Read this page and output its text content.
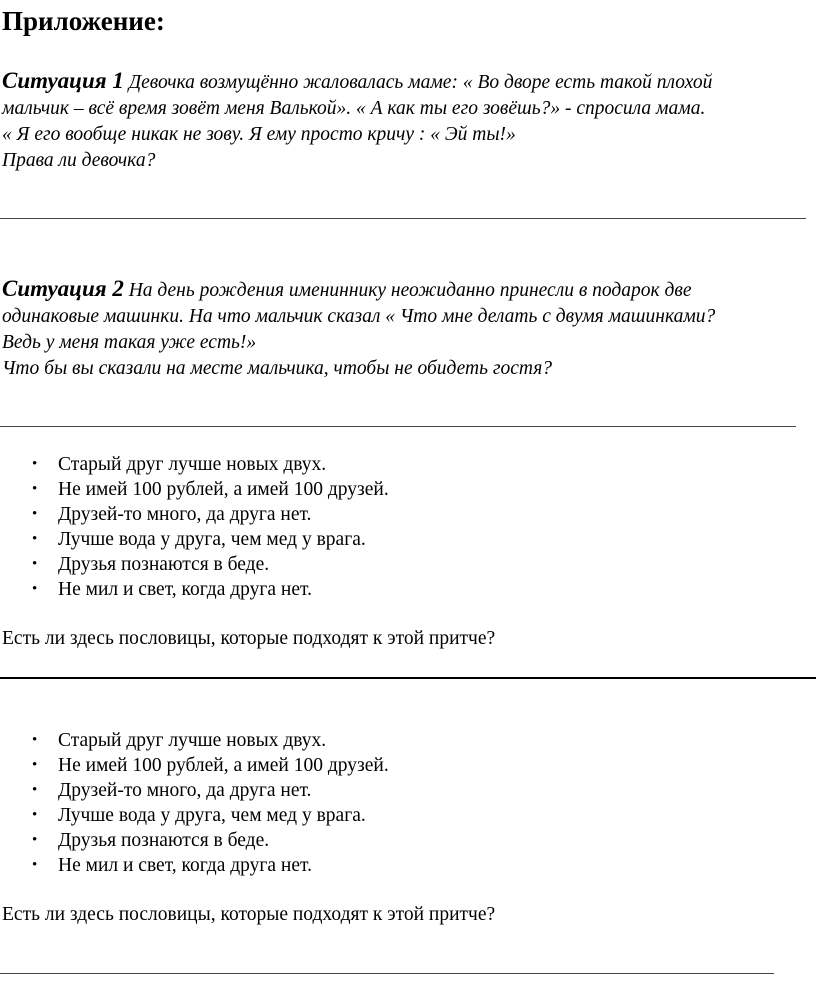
Приложение:
Ситуация 1 Девочка возмущённо жаловалась маме: « Во дворе есть такой плохой
мальчик – всё время зовёт меня Валькой». « А как ты его зовёшь?» - спросила мама.
« Я его вообще никак не зову. Я ему просто кричу : « Эй ты!»
Права ли девочка?
Ситуация 2 На день рождения имениннику неожиданно принесли в подарок две
одинаковые машинки. На что мальчик сказал « Что мне делать с двумя машинками?
Ведь у меня такая уже есть!»
Что бы вы сказали на месте мальчика, чтобы не обидеть гостя?
• Старый друг лучше новых двух.
• Не имей 100 рублей, а имей 100 друзей.
• Друзей-то много, да друга нет.
• Лучше вода у друга, чем мед у врага.
• Друзья познаются в беде.
• Не мил и свет, когда друга нет.
Есть ли здесь пословицы, которые подходят к этой притче?
• Старый друг лучше новых двух.
• Не имей 100 рублей, а имей 100 друзей.
• Друзей-то много, да друга нет.
• Лучше вода у друга, чем мед у врага.
• Друзья познаются в беде.
• Не мил и свет, когда друга нет.
Есть ли здесь пословицы, которые подходят к этой притче?
